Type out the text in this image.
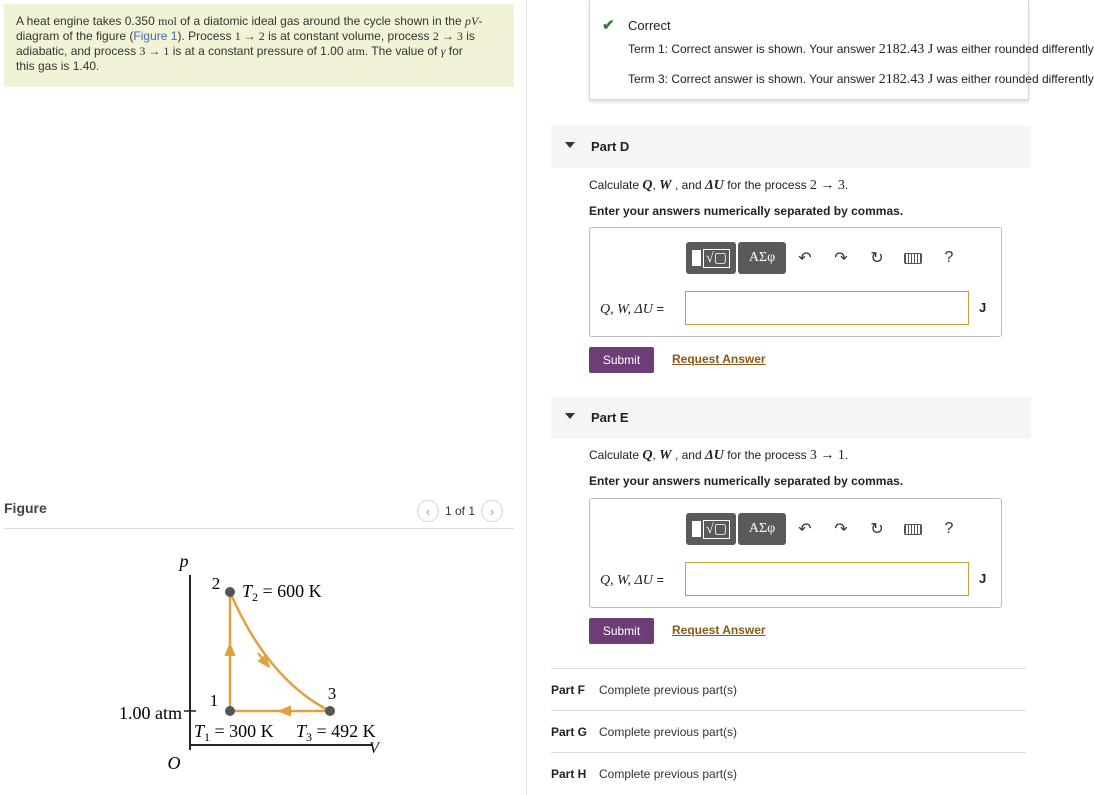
A heat engine takes 0.350 mol of a diatomic ideal gas around the cycle shown in the pV-
diagram of the figure (Figure 1). Process 1 → 2 is at constant volume, process 2 → 3 is
adiabatic, and process 3 → 1 is at a constant pressure of 1.00 atm. The value of γ for
this gas is 1.40.
Figure	‹	1 of 1	›
p
V
O
1.00 atm
2
1	3
$T_2 = 600$ K
$T_1 = 300$ K $T_3 = 492$ K
✔ Correct
Term 1: Correct answer is shown. Your answer 2182.43 J was either rounded differently
Term 3: Correct answer is shown. Your answer 2182.43 J was either rounded differently
Part D
Calculate Q, W , and ΔU for the process 2 → 3.
Enter your answers numerically separated by commas.
√▢	ΑΣφ	↶	↷	↻	?
Q, W, ΔU =	J
Submit	Request Answer
Part E
Calculate Q, W , and ΔU for the process 3 → 1.
Enter your answers numerically separated by commas.
√▢	ΑΣφ	↶	↷	↻	?
Q, W, ΔU =	J
Submit	Request Answer
Part F Complete previous part(s)
Part G Complete previous part(s)
Part H Complete previous part(s)
